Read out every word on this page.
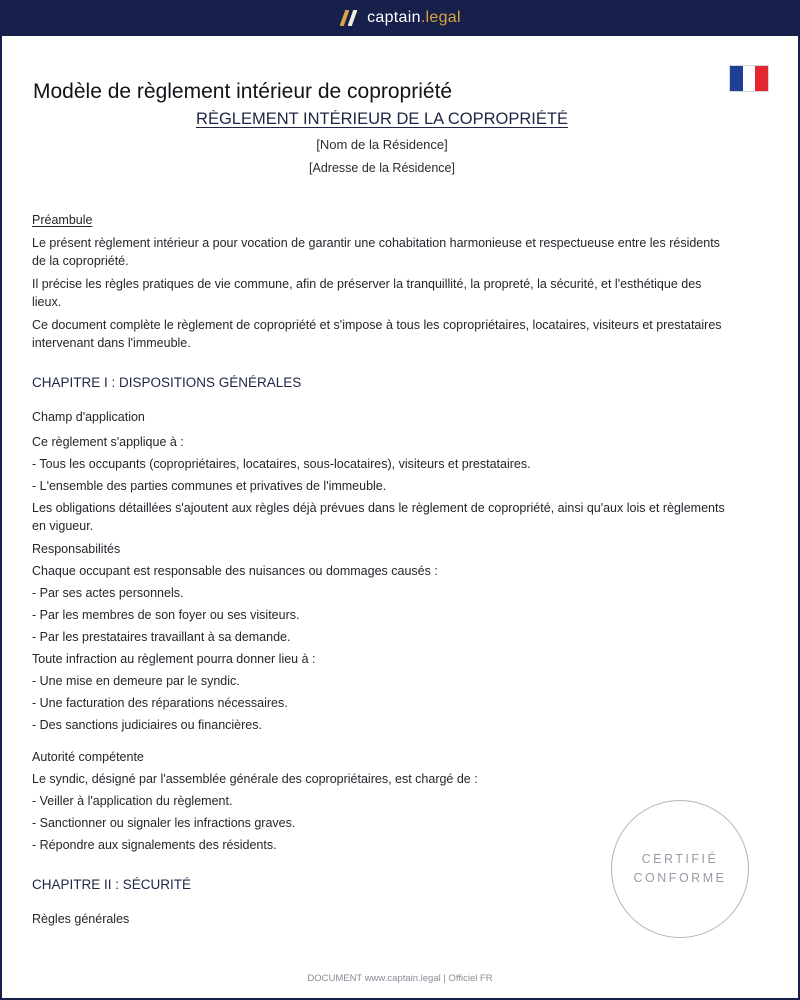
captain.legal
Modèle de règlement intérieur de copropriété
RÈGLEMENT INTÉRIEUR DE LA COPROPRIÉTÉ

[Nom de la Résidence]

[Adresse de la Résidence]

Préambule

Le présent règlement intérieur a pour vocation de garantir une cohabitation harmonieuse et respectueuse entre les résidents de la copropriété.

Il précise les règles pratiques de vie commune, afin de préserver la tranquillité, la propreté, la sécurité, et l'esthétique des lieux.

Ce document complète le règlement de copropriété et s'impose à tous les copropriétaires, locataires, visiteurs et prestataires intervenant dans l'immeuble.

CHAPITRE I : DISPOSITIONS GÉNÉRALES

Champ d'application

Ce règlement s'applique à :

- Tous les occupants (copropriétaires, locataires, sous-locataires), visiteurs et prestataires.

- L'ensemble des parties communes et privatives de l'immeuble.

Les obligations détaillées s'ajoutent aux règles déjà prévues dans le règlement de copropriété, ainsi qu'aux lois et règlements en vigueur.

Responsabilités

Chaque occupant est responsable des nuisances ou dommages causés :

- Par ses actes personnels.

- Par les membres de son foyer ou ses visiteurs.

- Par les prestataires travaillant à sa demande.

Toute infraction au règlement pourra donner lieu à :

- Une mise en demeure par le syndic.

- Une facturation des réparations nécessaires.

- Des sanctions judiciaires ou financières.

Autorité compétente

Le syndic, désigné par l'assemblée générale des copropriétaires, est chargé de :

- Veiller à l'application du règlement.

- Sanctionner ou signaler les infractions graves.

- Répondre aux signalements des résidents.

CHAPITRE II : SÉCURITÉ

Règles générales

CERTIFIÉ
CONFORME
DOCUMENT www.captain.legal | Officiel FR
